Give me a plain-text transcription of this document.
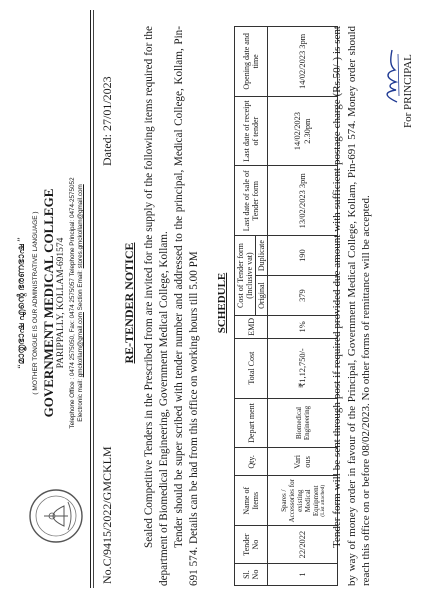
“മാതൃഭാഷ എന്റെ ഭരണഭാഷ ” ( MOTHER TONGUE IS OUR ADMINISTRATIVE LANGUAGE ) GOVERNMENT MEDICAL COLLEGE PARIPPALLY, KOLLAM-691574 Telephone Office : 0474 2575050, Fax: 0474 2575057 Telephone Principal: 0474-2575052 Electronic mail: gmckollam@gmail.com Section Email: stores.gmckollam@gmail.com
No.C/9415/2022/GMCKLM
Dated: 27/01/2023
RE-TENDER NOTICE Sealed Competitive Tenders in the Prescribed from are invited for the supply of the following items required for the department of Biomedical Engineering, Government Medical College, Kollam. Tender should be super scribed with tender number and addressed to the principal, Medical College, Kollam, Pin-691 574. Details can be had from this office on working hours till 5.00 PM SCHEDULE
Sl. No	Tender No	Name of Items	Qty.	Depart ment	Total Cost	EMD	Cost of Tender form (Inclusive vat)		Last date of sale of Tender form	Last date of receipt of tender	Opening date and time
							Original	Duplicate			
1	22/2022	Spares / Accessories for existing Medical Equipment (List attached)	Vari ous	Biomedical Engineering	₹1,12,750/-	1%	379	190	13/02/2023 3pm	14/02/2023 2.30pm	14/02/2023 3pm Tender form will be sent through post if required provided due amount with sufficient postage charge (Rs.50/-) is sent by way of money order in favour of the Principal, Government Medical College, Kollam, Pin-691 574. Money order should reach this office on or before 08/02/2023. No other forms of remittance will be accepted.
For PRINCIPAL
